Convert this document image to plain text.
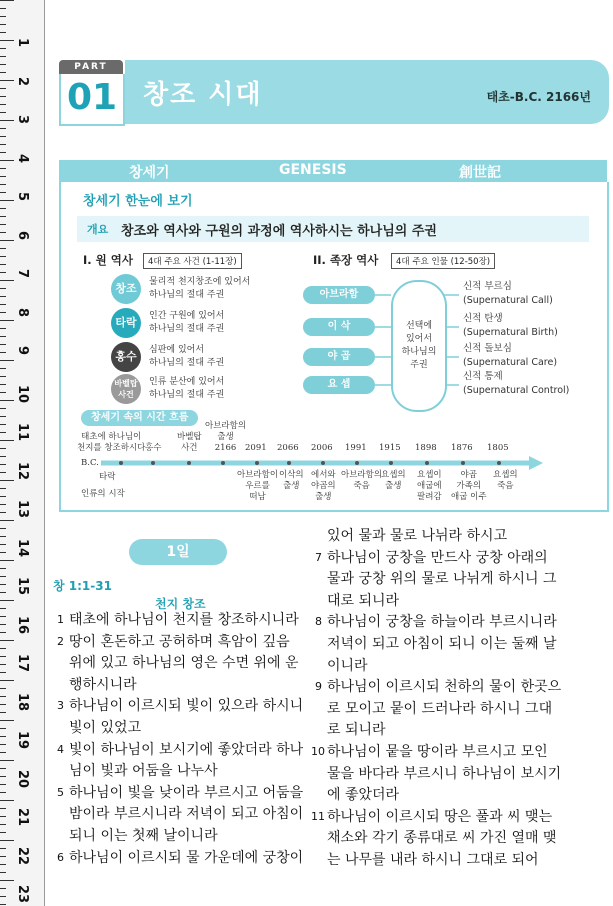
1
2
3
4
5
6
7
8
9
10
11
12
13
14
15
16
17
18
19
20
21
22
23
PART
01 창조 시대	태초-B.C. 2166년
창세기	GENESIS	創世記
창세기 한눈에 보기
개요 창조와 역사와 구원의 과정에 역사하시는 하나님의 주권
I. 원 역사	4대 주요 사건 (1-11장)
창조	물리적 천지창조에 있어서
하나님의 절대 주권
타락	인간 구원에 있어서
하나님의 절대 주권
홍수	심판에 있어서
하나님의 절대 주권
바벨탑
사건
인류 분산에 있어서
하나님의 절대 주권
II. 족장 역사	4대 주요 인물 (12-50장)
아브라함
이 삭
야 곱
요 셉
선택에
있어서
하나님의
주권
신적 부르심
(Supernatural Call)
신적 탄생
(Supernatural Birth)
신적 돌보심
(Supernatural Care)
신적 통제
(Supernatural Control)
창세기 속의 시간 흐름
B.C.
태초에 하나님이
천지를 창조하시다 홍수
바벨탑
사건
아브라함의
출생
2166	2091 2066 2006 1991 1915 1898 1876 1805
타락
인류의 시작
아브라함이
우르를
떠남
이삭의
출생
에서와
야곱의
출생
아브라함의
죽음
요셉의
출생
요셉이
애굽에
팔려감
야곱
가족의
애굽 이주
요셉의
죽음
1일
창 1:1-31
천지 창조
1 태초에 하나님이 천지를 창조하시니라
2 땅이 혼돈하고 공허하며 흑암이 깊음
위에 있고 하나님의 영은 수면 위에 운
행하시니라
3 하나님이 이르시되 빛이 있으라 하시니
빛이 있었고
4 빛이 하나님이 보시기에 좋았더라 하나
님이 빛과 어둠을 나누사
5 하나님이 빛을 낮이라 부르시고 어둠을
밤이라 부르시니라 저녁이 되고 아침이
되니 이는 첫째 날이니라
6 하나님이 이르시되 물 가운데에 궁창이
있어 물과 물로 나뉘라 하시고
7 하나님이 궁창을 만드사 궁창 아래의
물과 궁창 위의 물로 나뉘게 하시니 그
대로 되니라
8 하나님이 궁창을 하늘이라 부르시니라
저녁이 되고 아침이 되니 이는 둘째 날
이니라
9 하나님이 이르시되 천하의 물이 한곳으
로 모이고 뭍이 드러나라 하시니 그대
로 되니라
10 하나님이 뭍을 땅이라 부르시고 모인
물을 바다라 부르시니 하나님이 보시기
에 좋았더라
11 하나님이 이르시되 땅은 풀과 씨 맺는
채소와 각기 종류대로 씨 가진 열매 맺
는 나무를 내라 하시니 그대로 되어
